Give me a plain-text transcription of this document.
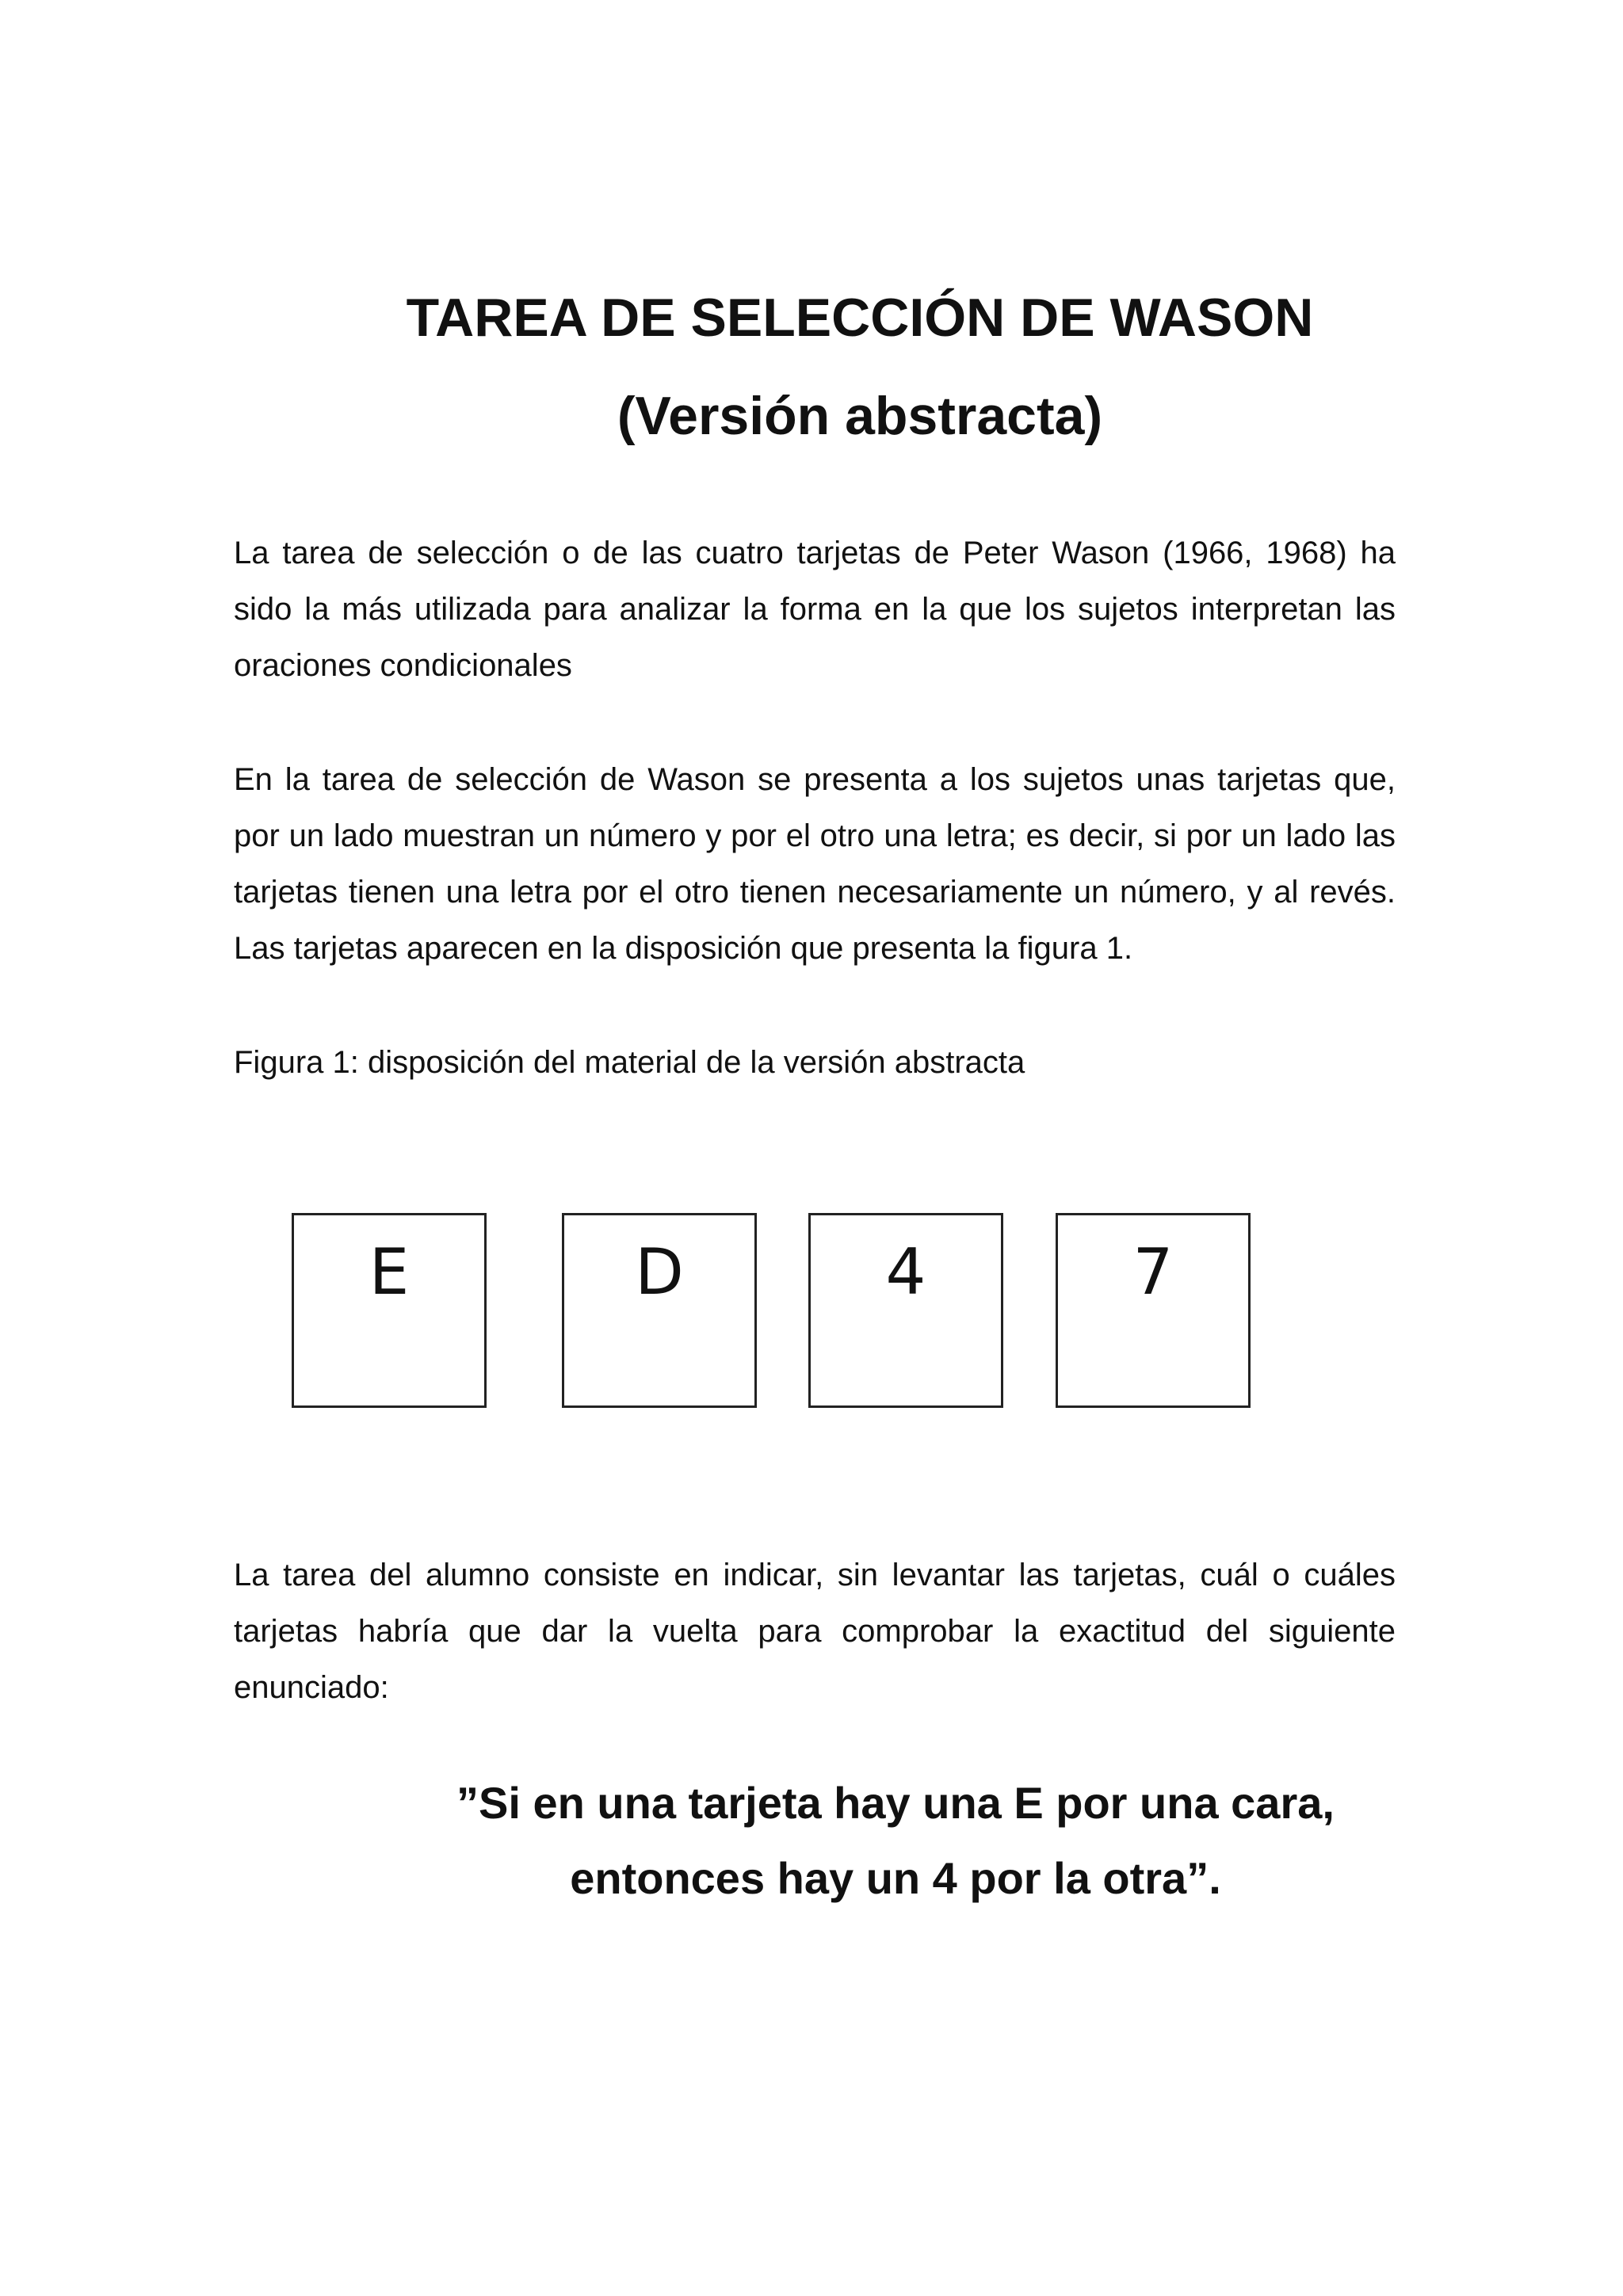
TAREA DE SELECCIÓN DE WASON
(Versión abstracta)

La tarea de selección o de las cuatro tarjetas de Peter Wason (1966, 1968) ha sido la más utilizada para analizar la forma en la que los sujetos interpretan las oraciones condicionales

En la tarea de selección de Wason se presenta a los sujetos unas tarjetas que, por un lado muestran un número y por el otro una letra; es decir, si por un lado las tarjetas tienen una letra por el otro tienen necesariamente un número, y al revés. Las tarjetas aparecen en la disposición que presenta la figura 1.

Figura 1: disposición del material de la versión abstracta

E	D	4	7

La tarea del alumno consiste en indicar, sin levantar las tarjetas, cuál o cuáles tarjetas habría que dar la vuelta para comprobar la exactitud del siguiente enunciado:

”Si en una tarjeta hay una E por una cara,

entonces hay un 4 por la otra”.
